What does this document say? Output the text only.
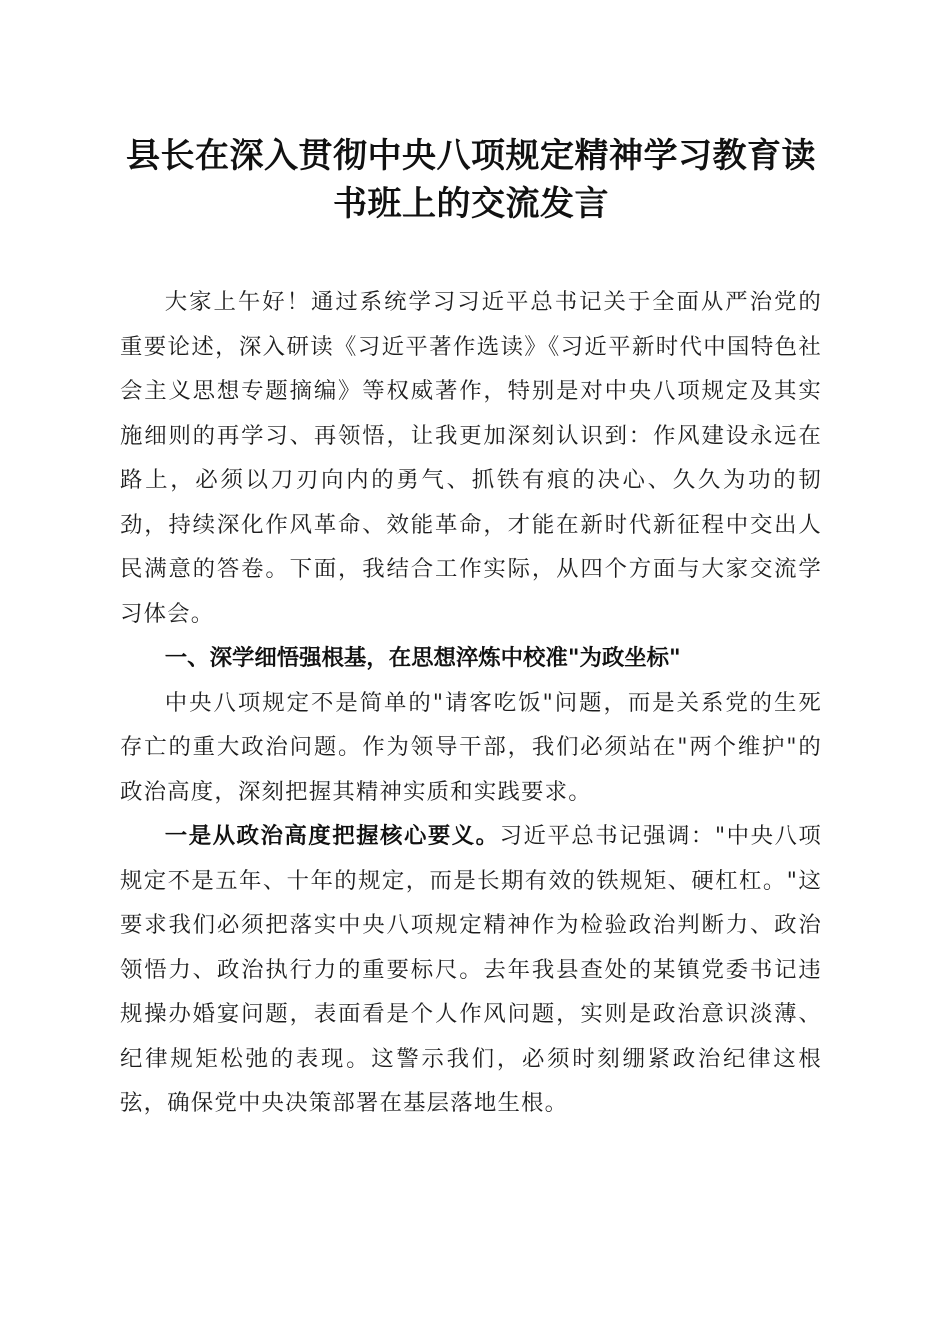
县长在深入贯彻中央八项规定精神学习教育读
书班上的交流发言

大家上午好！通过系统学习习近平总书记关于全面从严治党的重要论述，深入研读《习近平著作选读》《习近平新时代中国特色社会主义思想专题摘编》等权威著作，特别是对中央八项规定及其实施细则的再学习、再领悟，让我更加深刻认识到：作风建设永远在路上，必须以刀刃向内的勇气、抓铁有痕的决心、久久为功的韧劲，持续深化作风革命、效能革命，才能在新时代新征程中交出人民满意的答卷。下面，我结合工作实际，从四个方面与大家交流学习体会。

一、深学细悟强根基，在思想淬炼中校准"为政坐标"

中央八项规定不是简单的"请客吃饭"问题，而是关系党的生死存亡的重大政治问题。作为领导干部，我们必须站在"两个维护"的政治高度，深刻把握其精神实质和实践要求。

一是从政治高度把握核心要义。习近平总书记强调："中央八项规定不是五年、十年的规定，而是长期有效的铁规矩、硬杠杠。"这要求我们必须把落实中央八项规定精神作为检验政治判断力、政治领悟力、政治执行力的重要标尺。去年我县查处的某镇党委书记违规操办婚宴问题，表面看是个人作风问题，实则是政治意识淡薄、纪律规矩松弛的表现。这警示我们，必须时刻绷紧政治纪律这根弦，确保党中央决策部署在基层落地生根。
